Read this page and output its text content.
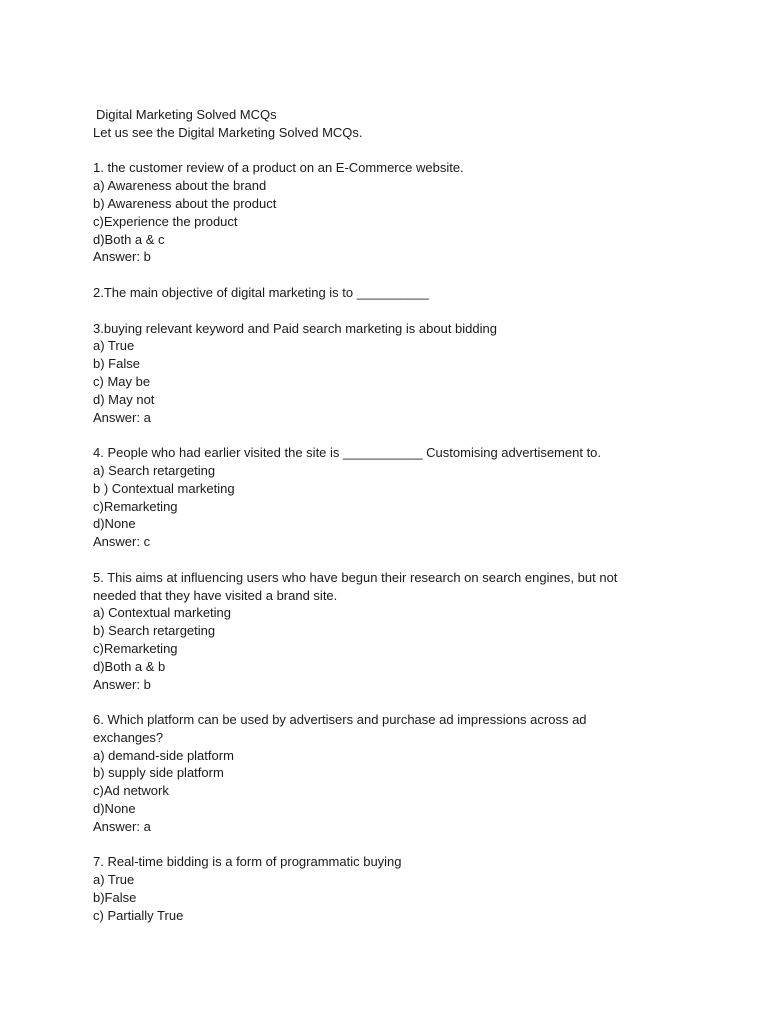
Digital Marketing Solved MCQs

Let us see the Digital Marketing Solved MCQs.

1. the customer review of a product on an E-Commerce website.

a) Awareness about the brand

b) Awareness about the product

c)Experience the product

d)Both a & c

Answer: b

2.The main objective of digital marketing is to __________

3.buying relevant keyword and Paid search marketing is about bidding

a) True

b) False

c) May be

d) May not

Answer: a

4. People who had earlier visited the site is ___________ Customising advertisement to.

a) Search retargeting

b ) Contextual marketing

c)Remarketing

d)None

Answer: c

5. This aims at influencing users who have begun their research on search engines, but not

needed that they have visited a brand site.

a) Contextual marketing

b) Search retargeting

c)Remarketing

d)Both a & b

Answer: b

6. Which platform can be used by advertisers and purchase ad impressions across ad

exchanges?

a) demand-side platform

b) supply side platform

c)Ad network

d)None

Answer: a

7. Real-time bidding is a form of programmatic buying

a) True

b)False

c) Partially True
